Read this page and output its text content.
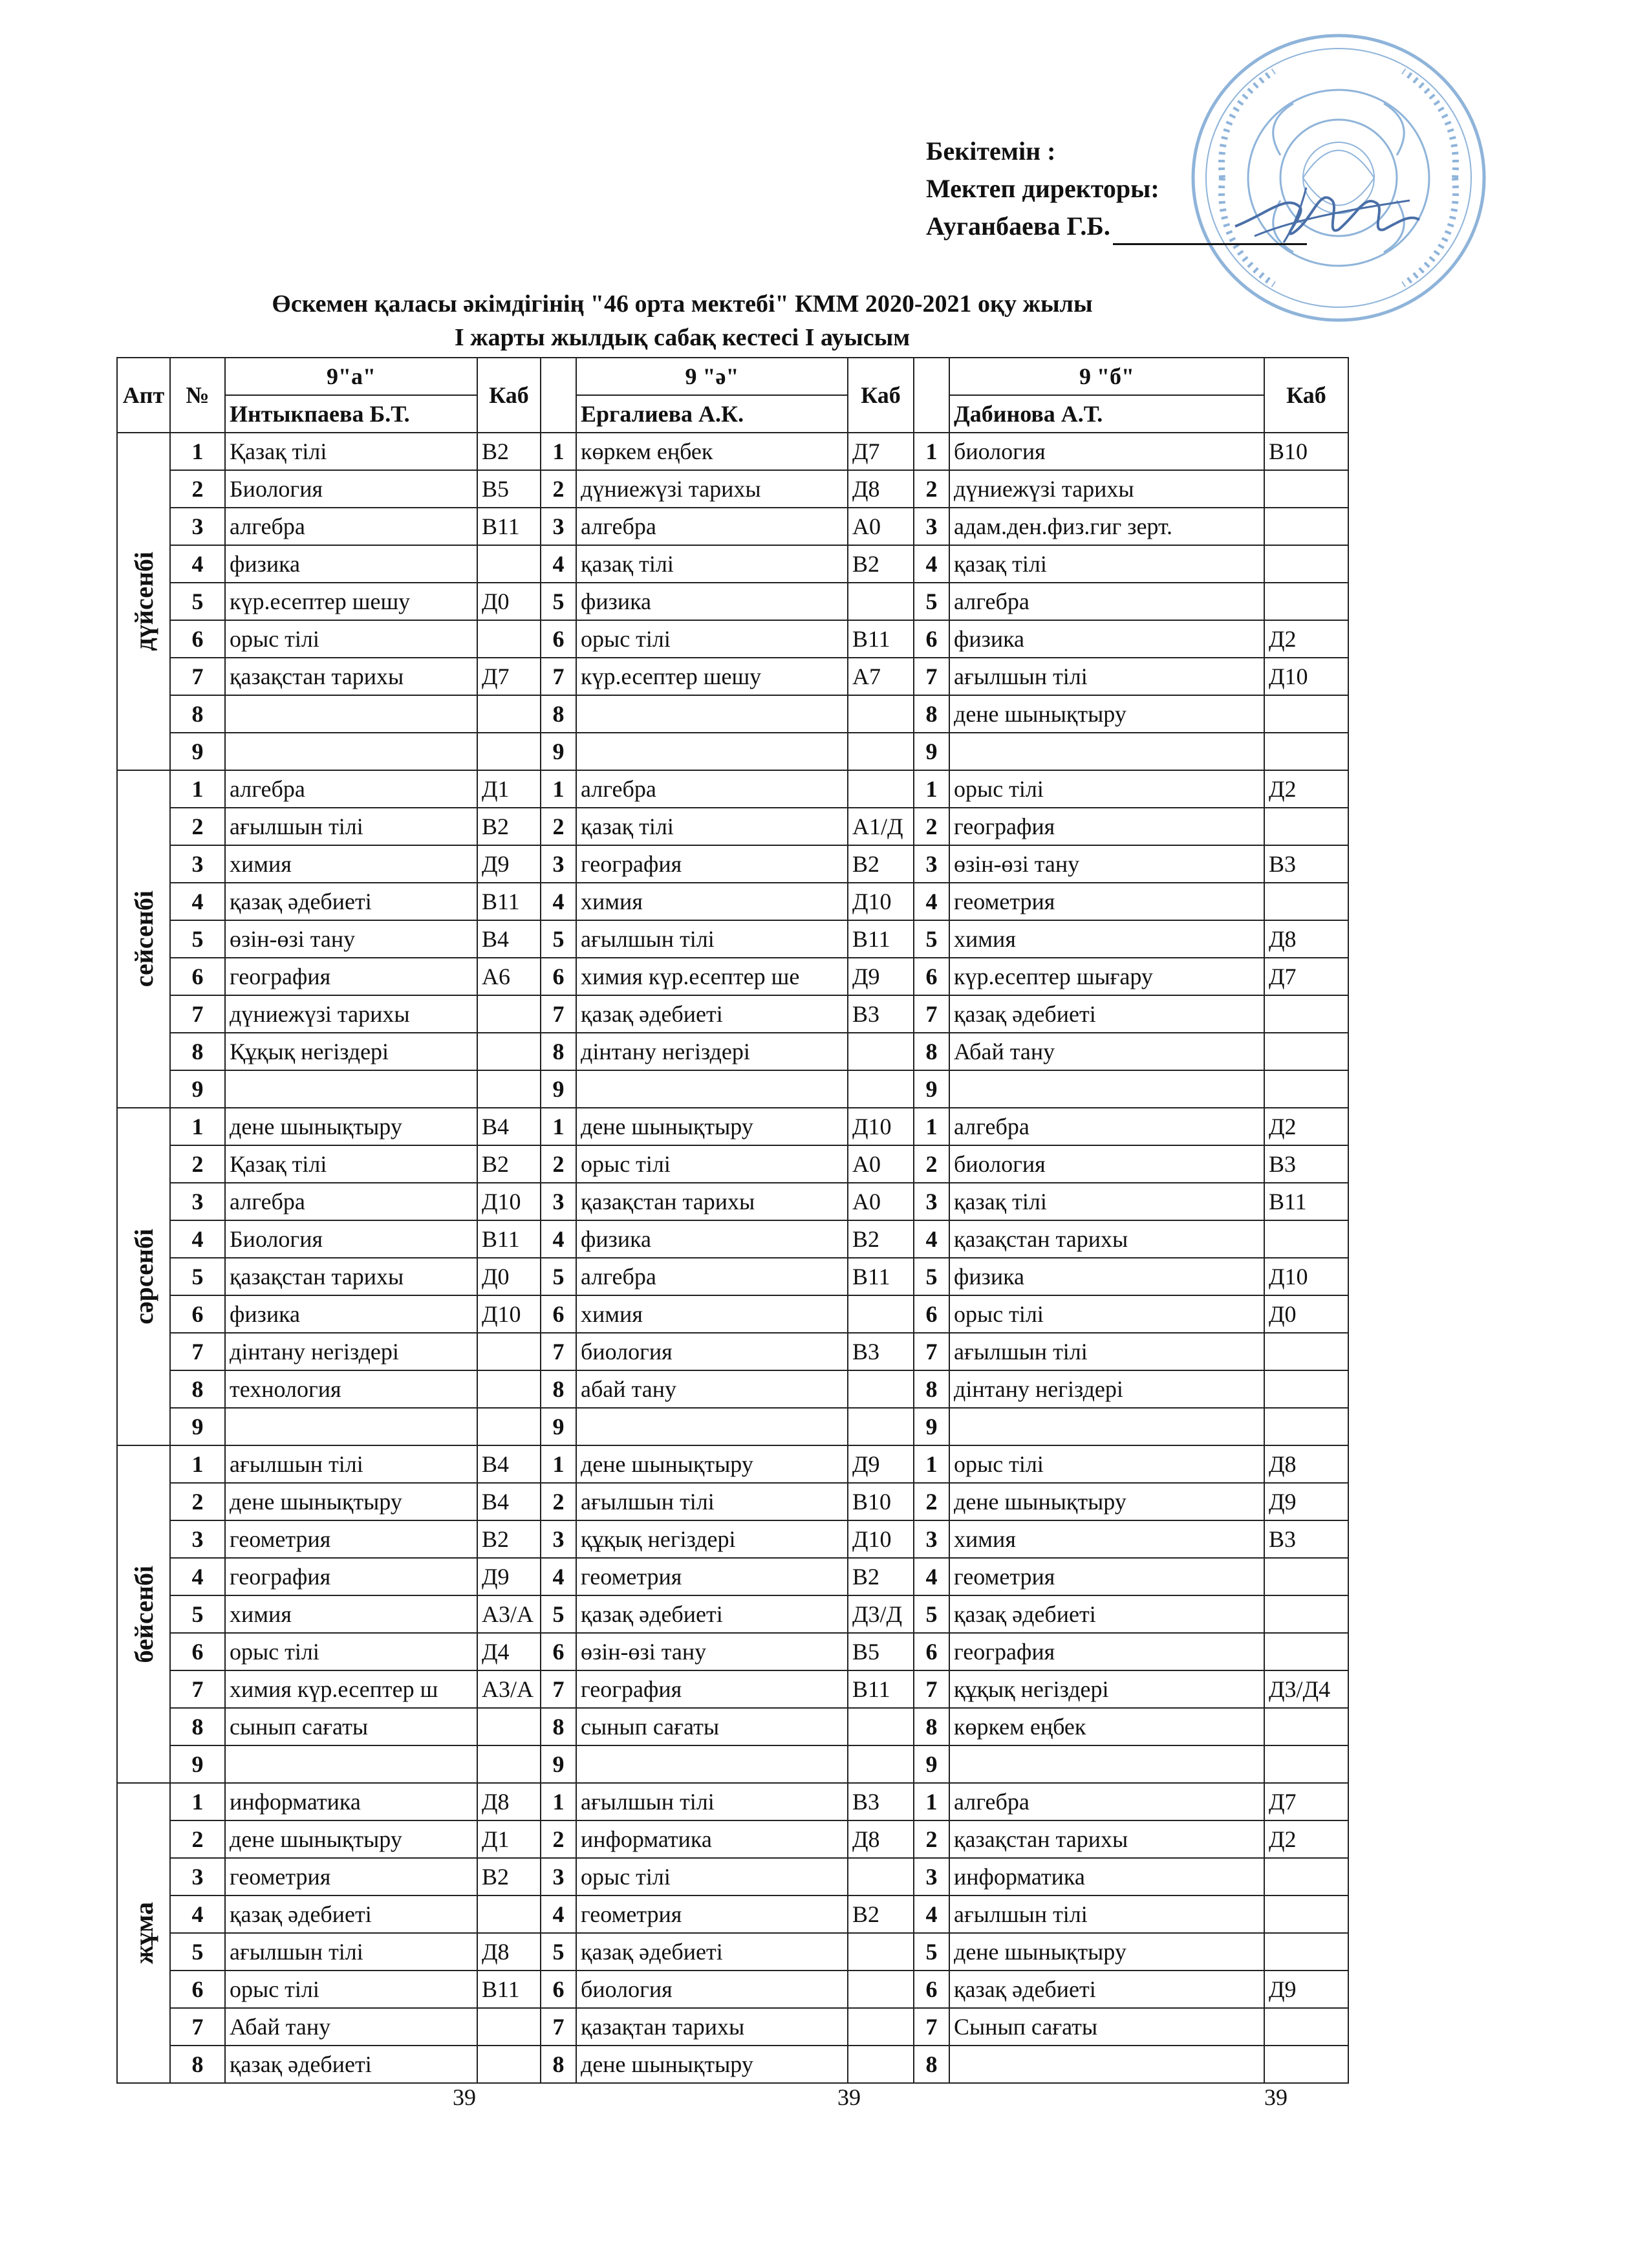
Бекітемін :
Мектеп директоры:
Ауганбаева Г.Б.
Өскемен қаласы әкімдігінің "46 орта мектебі" КММ 2020-2021 оқу жылы
І жарты жылдық сабақ кестесі І ауысым
Апт	№	9"а"	Каб		9 "ә"	Каб		9 "б"	Каб
		Интыкпаева Б.Т.			Ергалиева А.К.			Дабинова А.Т.	

дүйсенбі	1	Қазақ тілі	В2	1	көркем еңбек	Д7	1	биология	В10
	2	Биология	В5	2	дүниежүзі тарихы	Д8	2	дүниежүзі тарихы	
	3	алгебра	В11	3	алгебра	А0	3	адам.ден.физ.гиг зерт.	
	4	физика		4	қазақ тілі	В2	4	қазақ тілі	
	5	күр.есептер шешу	Д0	5	физика		5	алгебра	
	6	орыс тілі		6	орыс тілі	В11	6	физика	Д2
	7	қазақстан тарихы	Д7	7	күр.есептер шешу	А7	7	ағылшын тілі	Д10
	8			8			8	дене шынықтыру	
	9			9			9		

сейсенбі	1	алгебра	Д1	1	алгебра		1	орыс тілі	Д2
	2	ағылшын тілі	В2	2	қазақ тілі	А1/Д	2	география	
	3	химия	Д9	3	география	В2	3	өзін-өзі тану	В3
	4	қазақ әдебиеті	В11	4	химия	Д10	4	геометрия	
	5	өзін-өзі тану	В4	5	ағылшын тілі	В11	5	химия	Д8
	6	география	А6	6	химия күр.есептер ше	Д9	6	күр.есептер шығару	Д7
	7	дүниежүзі тарихы		7	қазақ әдебиеті	В3	7	қазақ әдебиеті	
	8	Құқық негіздері		8	дінтану негіздері		8	Абай тану	
	9			9			9		

сәрсенбі	1	дене шынықтыру	В4	1	дене шынықтыру	Д10	1	алгебра	Д2
	2	Қазақ тілі	В2	2	орыс тілі	А0	2	биология	В3
	3	алгебра	Д10	3	қазақстан тарихы	А0	3	қазақ тілі	В11
	4	Биология	В11	4	физика	В2	4	қазақстан тарихы	
	5	қазақстан тарихы	Д0	5	алгебра	В11	5	физика	Д10
	6	физика	Д10	6	химия		6	орыс тілі	Д0
	7	дінтану негіздері		7	биология	В3	7	ағылшын тілі	
	8	технология		8	абай тану		8	дінтану негіздері	
	9			9			9		

бейсенбі	1	ағылшын тілі	В4	1	дене шынықтыру	Д9	1	орыс тілі	Д8
	2	дене шынықтыру	В4	2	ағылшын тілі	В10	2	дене шынықтыру	Д9
	3	геометрия	В2	3	құқық негіздері	Д10	3	химия	В3
	4	география	Д9	4	геометрия	В2	4	геометрия	
	5	химия	А3/А	5	қазақ әдебиеті	Д3/Д	5	қазақ әдебиеті	
	6	орыс тілі	Д4	6	өзін-өзі тану	В5	6	география	
	7	химия күр.есептер ш	А3/А	7	география	В11	7	құқық негіздері	Д3/Д4
	8	сынып сағаты		8	сынып сағаты		8	көркем еңбек	
	9			9			9		

жұма	1	информатика	Д8	1	ағылшын тілі	В3	1	алгебра	Д7
	2	дене шынықтыру	Д1	2	информатика	Д8	2	қазақстан тарихы	Д2
	3	геометрия	В2	3	орыс тілі		3	информатика	
	4	қазақ әдебиеті		4	геометрия	В2	4	ағылшын тілі	
	5	ағылшын тілі	Д8	5	қазақ әдебиеті		5	дене шынықтыру	
	6	орыс тілі	В11	6	биология		6	қазақ әдебиеті	Д9
	7	Абай тану		7	қазақтан тарихы		7	Сынып сағаты	
	8	қазақ әдебиеті		8	дене шынықтыру		8		
39	39	39
